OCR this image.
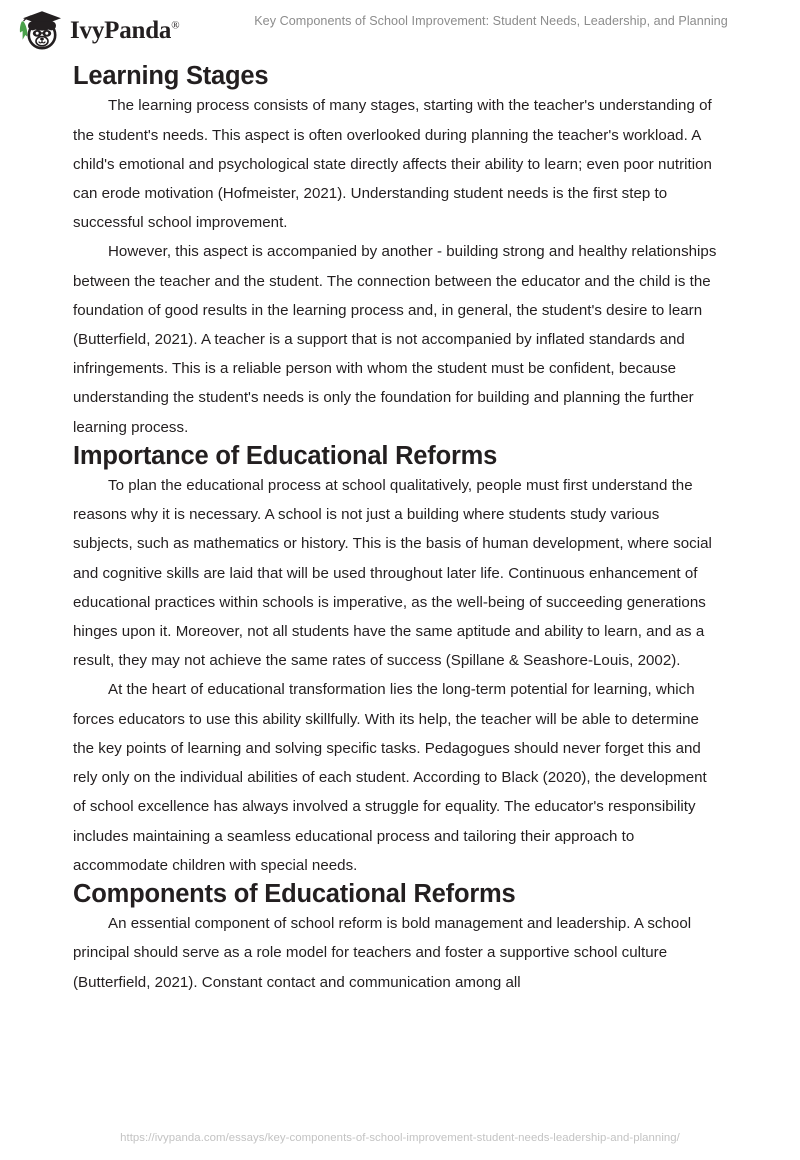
IvyPanda®	Key Components of School Improvement: Student Needs, Leadership, and Planning
Learning Stages

The learning process consists of many stages, starting with the teacher's understanding of the student's needs. This aspect is often overlooked during planning the teacher's workload. A child's emotional and psychological state directly affects their ability to learn; even poor nutrition can erode motivation (Hofmeister, 2021). Understanding student needs is the first step to successful school improvement.

However, this aspect is accompanied by another - building strong and healthy relationships between the teacher and the student. The connection between the educator and the child is the foundation of good results in the learning process and, in general, the student's desire to learn (Butterfield, 2021). A teacher is a support that is not accompanied by inflated standards and infringements. This is a reliable person with whom the student must be confident, because understanding the student's needs is only the foundation for building and planning the further learning process.

Importance of Educational Reforms

To plan the educational process at school qualitatively, people must first understand the reasons why it is necessary. A school is not just a building where students study various subjects, such as mathematics or history. This is the basis of human development, where social and cognitive skills are laid that will be used throughout later life. Continuous enhancement of educational practices within schools is imperative, as the well-being of succeeding generations hinges upon it. Moreover, not all students have the same aptitude and ability to learn, and as a result, they may not achieve the same rates of success (Spillane & Seashore-Louis, 2002).

At the heart of educational transformation lies the long-term potential for learning, which forces educators to use this ability skillfully. With its help, the teacher will be able to determine the key points of learning and solving specific tasks. Pedagogues should never forget this and rely only on the individual abilities of each student. According to Black (2020), the development of school excellence has always involved a struggle for equality. The educator's responsibility includes maintaining a seamless educational process and tailoring their approach to accommodate children with special needs.

Components of Educational Reforms

An essential component of school reform is bold management and leadership. A school principal should serve as a role model for teachers and foster a supportive school culture (Butterfield, 2021). Constant contact and communication among all

https://ivypanda.com/essays/key-components-of-school-improvement-student-needs-leadership-and-planning/
